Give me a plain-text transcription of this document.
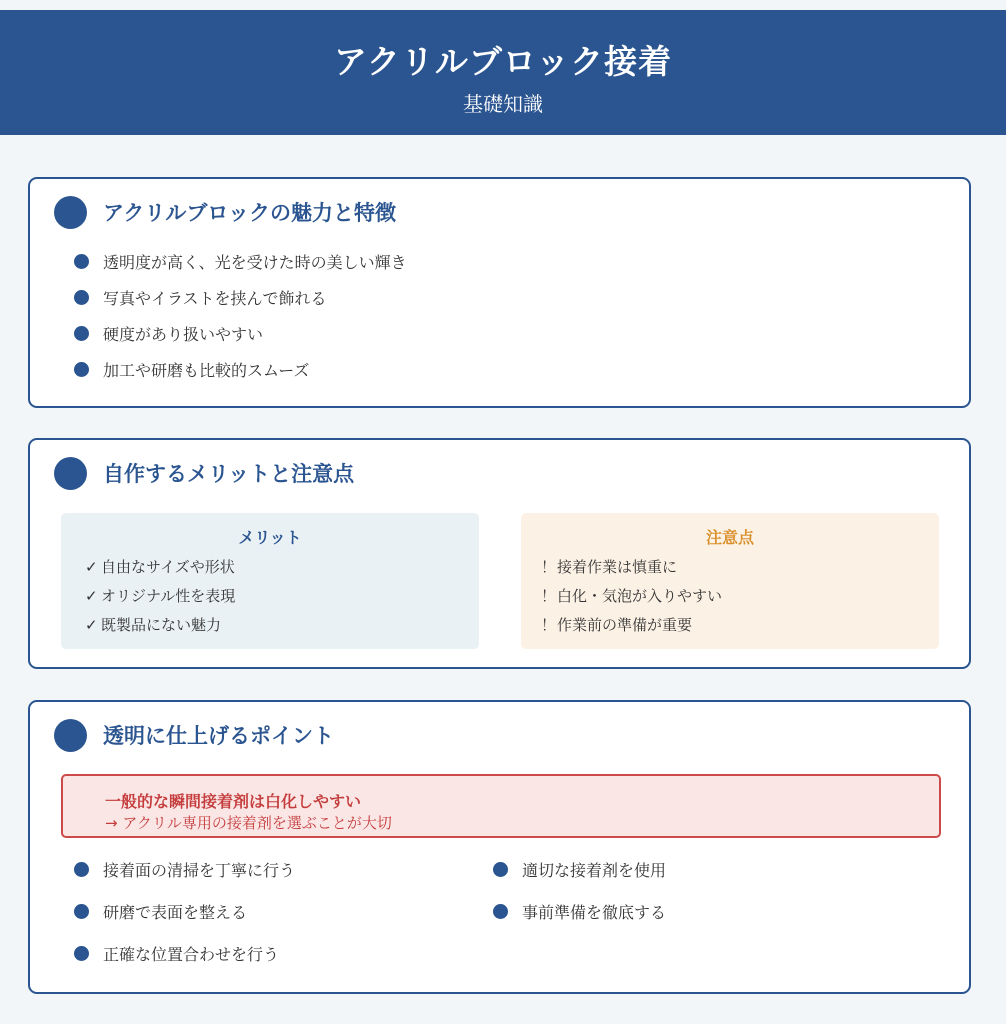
アクリルブロック接着
基礎知識
アクリルブロックの魅力と特徴
透明度が高く、光を受けた時の美しい輝き
写真やイラストを挟んで飾れる
硬度があり扱いやすい
加工や研磨も比較的スムーズ
自作するメリットと注意点
メリット
✓ 自由なサイズや形状
✓ オリジナル性を表現
✓ 既製品にない魅力
注意点
！接着作業は慎重に
！白化・気泡が入りやすい
！作業前の準備が重要
透明に仕上げるポイント
一般的な瞬間接着剤は白化しやすい
→ アクリル専用の接着剤を選ぶことが大切
接着面の清掃を丁寧に行う
研磨で表面を整える
正確な位置合わせを行う
適切な接着剤を使用
事前準備を徹底する
